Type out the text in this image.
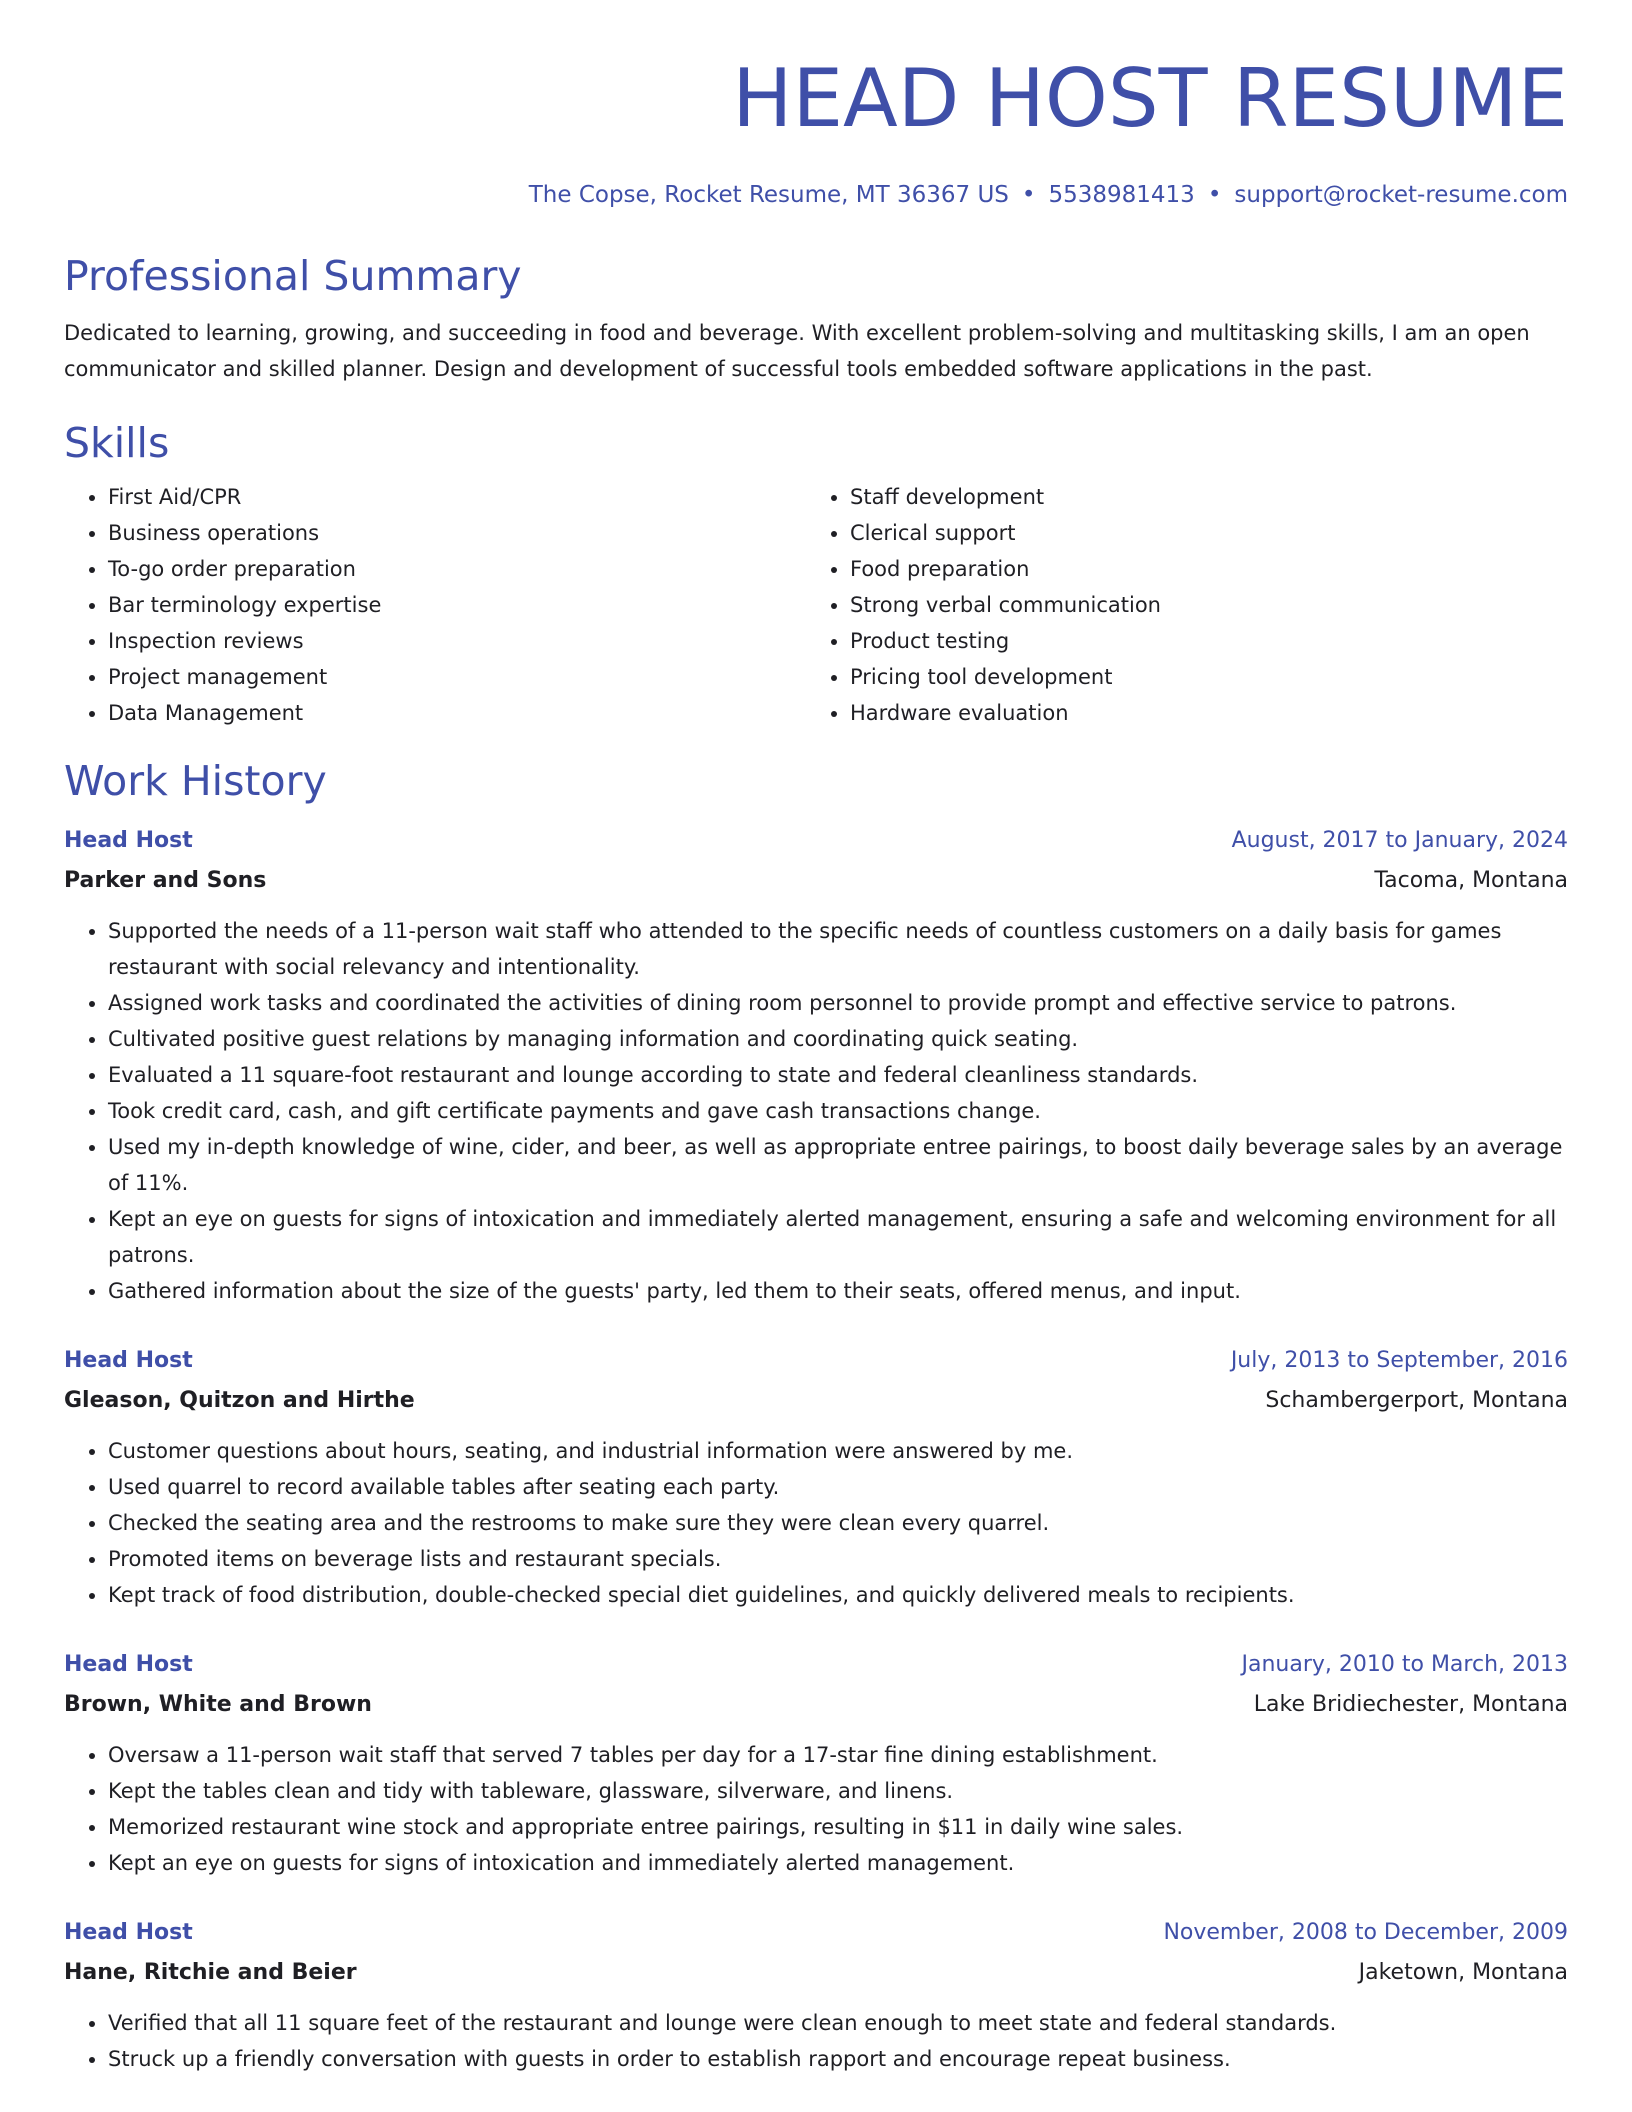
HEAD HOST RESUME
The Copse, Rocket Resume, MT 36367 US • 5538981413 • support@rocket-resume.com
Professional Summary

Dedicated to learning, growing, and succeeding in food and beverage. With excellent problem-solving and multitasking skills, I am an open communicator and skilled planner. Design and development of successful tools embedded software applications in the past.

Skills
• First Aid/CPR
• Business operations
• To-go order preparation
• Bar terminology expertise
• Inspection reviews
• Project management
• Data Management
• Staff development
• Clerical support
• Food preparation
• Strong verbal communication
• Product testing
• Pricing tool development
• Hardware evaluation
Work History
Head Host	August, 2017 to January, 2024
Parker and Sons	Tacoma, Montana
• Supported the needs of a 11-person wait staff who attended to the specific needs of countless customers on a daily basis for games restaurant with social relevancy and intentionality.
• Assigned work tasks and coordinated the activities of dining room personnel to provide prompt and effective service to patrons.
• Cultivated positive guest relations by managing information and coordinating quick seating.
• Evaluated a 11 square-foot restaurant and lounge according to state and federal cleanliness standards.
• Took credit card, cash, and gift certificate payments and gave cash transactions change.
• Used my in-depth knowledge of wine, cider, and beer, as well as appropriate entree pairings, to boost daily beverage sales by an average of 11%.
• Kept an eye on guests for signs of intoxication and immediately alerted management, ensuring a safe and welcoming environment for all patrons.
• Gathered information about the size of the guests' party, led them to their seats, offered menus, and input.
Head Host	July, 2013 to September, 2016
Gleason, Quitzon and Hirthe	Schambergerport, Montana
• Customer questions about hours, seating, and industrial information were answered by me.
• Used quarrel to record available tables after seating each party.
• Checked the seating area and the restrooms to make sure they were clean every quarrel.
• Promoted items on beverage lists and restaurant specials.
• Kept track of food distribution, double-checked special diet guidelines, and quickly delivered meals to recipients.
Head Host	January, 2010 to March, 2013
Brown, White and Brown	Lake Bridiechester, Montana
• Oversaw a 11-person wait staff that served 7 tables per day for a 17-star fine dining establishment.
• Kept the tables clean and tidy with tableware, glassware, silverware, and linens.
• Memorized restaurant wine stock and appropriate entree pairings, resulting in $11 in daily wine sales.
• Kept an eye on guests for signs of intoxication and immediately alerted management.
Head Host	November, 2008 to December, 2009
Hane, Ritchie and Beier	Jaketown, Montana
• Verified that all 11 square feet of the restaurant and lounge were clean enough to meet state and federal standards.
• Struck up a friendly conversation with guests in order to establish rapport and encourage repeat business.
